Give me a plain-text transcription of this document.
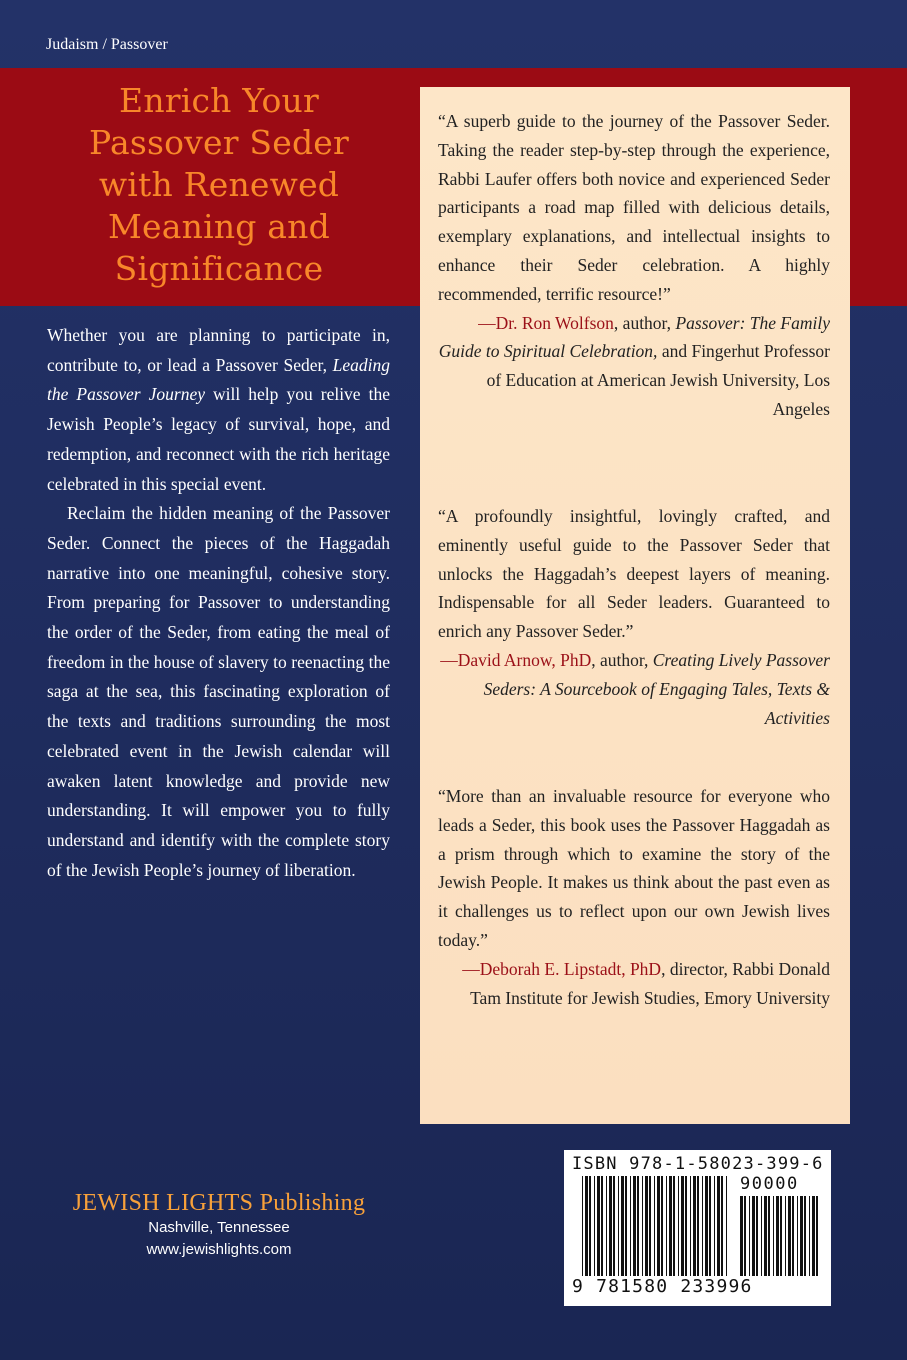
Judaism / Passover
Enrich Your
Passover Seder
with Renewed
Meaning and
Significance

Whether you are planning to participate in, contribute to, or lead a Passover Seder, Leading the Passover Journey will help you relive the Jewish People’s legacy of survival, hope, and redemption, and reconnect with the rich heritage celebrated in this special event.

Reclaim the hidden meaning of the Passover Seder. Connect the pieces of the Haggadah narrative into one meaningful, cohesive story. From preparing for Passover to understanding the order of the Seder, from eating the meal of freedom in the house of slavery to reenacting the saga at the sea, this fascinating exploration of the texts and traditions surrounding the most celebrated event in the Jewish calendar will awaken latent knowledge and provide new understanding. It will empower you to fully understand and identify with the complete story of the Jewish People’s journey of liberation.

“A superb guide to the journey of the Passover Seder. Taking the reader step-by-step through the experience, Rabbi Laufer offers both novice and experienced Seder participants a road map filled with delicious details, exemplary explanations, and intellectual insights to enhance their Seder celebration. A highly recommended, terrific resource!”

—Dr. Ron Wolfson, author, Passover: The Family Guide to Spiritual Celebration, and Fingerhut Professor of Education at American Jewish University, Los Angeles

“A profoundly insightful, lovingly crafted, and eminently useful guide to the Passover Seder that unlocks the Haggadah’s deepest layers of meaning. Indispensable for all Seder leaders. Guaranteed to enrich any Passover Seder.”

—David Arnow, PhD, author, Creating Lively Passover Seders: A Sourcebook of Engaging Tales, Texts & Activities

“More than an invaluable resource for everyone who leads a Seder, this book uses the Passover Haggadah as a prism through which to examine the story of the Jewish People. It makes us think about the past even as it challenges us to reflect upon our own Jewish lives today.”

—Deborah E. Lipstadt, PhD, director, Rabbi Donald Tam Institute for Jewish Studies, Emory University

JEWISH LIGHTS Publishing
Nashville, Tennessee
www.jewishlights.com
ISBN 978-1-58023-399-6
90000
9 781580 233996
